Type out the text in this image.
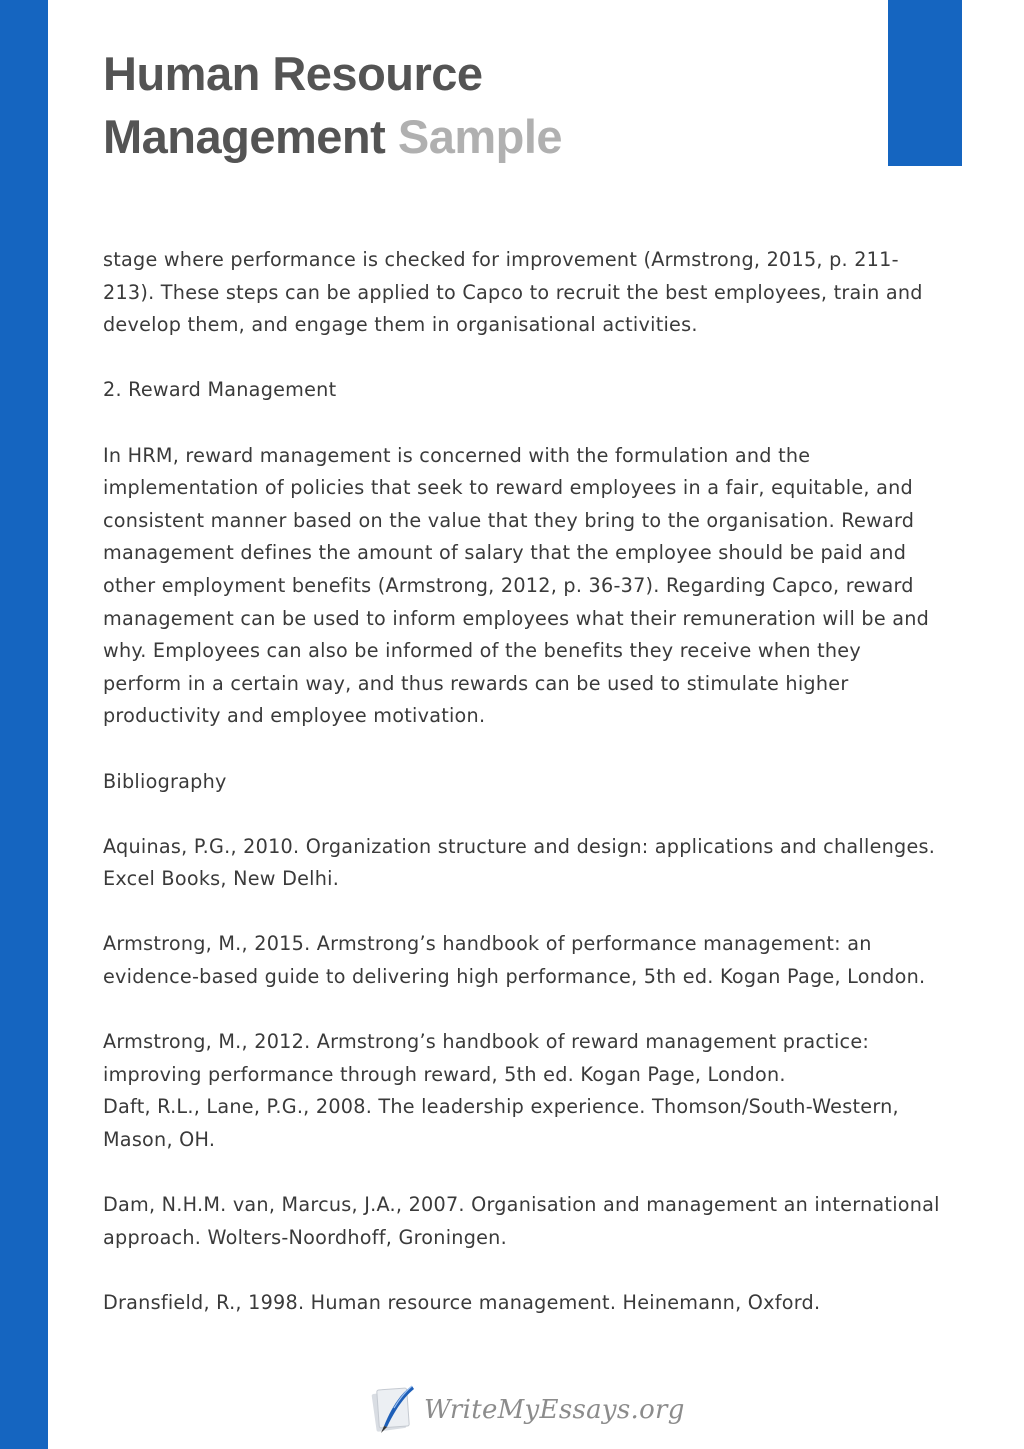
Human Resource
Management Sample

stage where performance is checked for improvement (Armstrong, 2015, p. 211-213). These steps can be applied to Capco to recruit the best employees, train and develop them, and engage them in organisational activities.

2. Reward Management

In HRM, reward management is concerned with the formulation and the implementation of policies that seek to reward employees in a fair, equitable, and consistent manner based on the value that they bring to the organisation. Reward management defines the amount of salary that the employee should be paid and other employment benefits (Armstrong, 2012, p. 36-37). Regarding Capco, reward management can be used to inform employees what their remuneration will be and why. Employees can also be informed of the benefits they receive when they perform in a certain way, and thus rewards can be used to stimulate higher productivity and employee motivation.

Bibliography

Aquinas, P.G., 2010. Organization structure and design: applications and challenges. Excel Books, New Delhi.

Armstrong, M., 2015. Armstrong’s handbook of performance management: an evidence-based guide to delivering high performance, 5th ed. Kogan Page, London.

Armstrong, M., 2012. Armstrong’s handbook of reward management practice: improving performance through reward, 5th ed. Kogan Page, London.

Daft, R.L., Lane, P.G., 2008. The leadership experience. Thomson/South-Western, Mason, OH.

Dam, N.H.M. van, Marcus, J.A., 2007. Organisation and management an international approach. Wolters-Noordhoff, Groningen.

Dransfield, R., 1998. Human resource management. Heinemann, Oxford.

WriteMyEssays.org
